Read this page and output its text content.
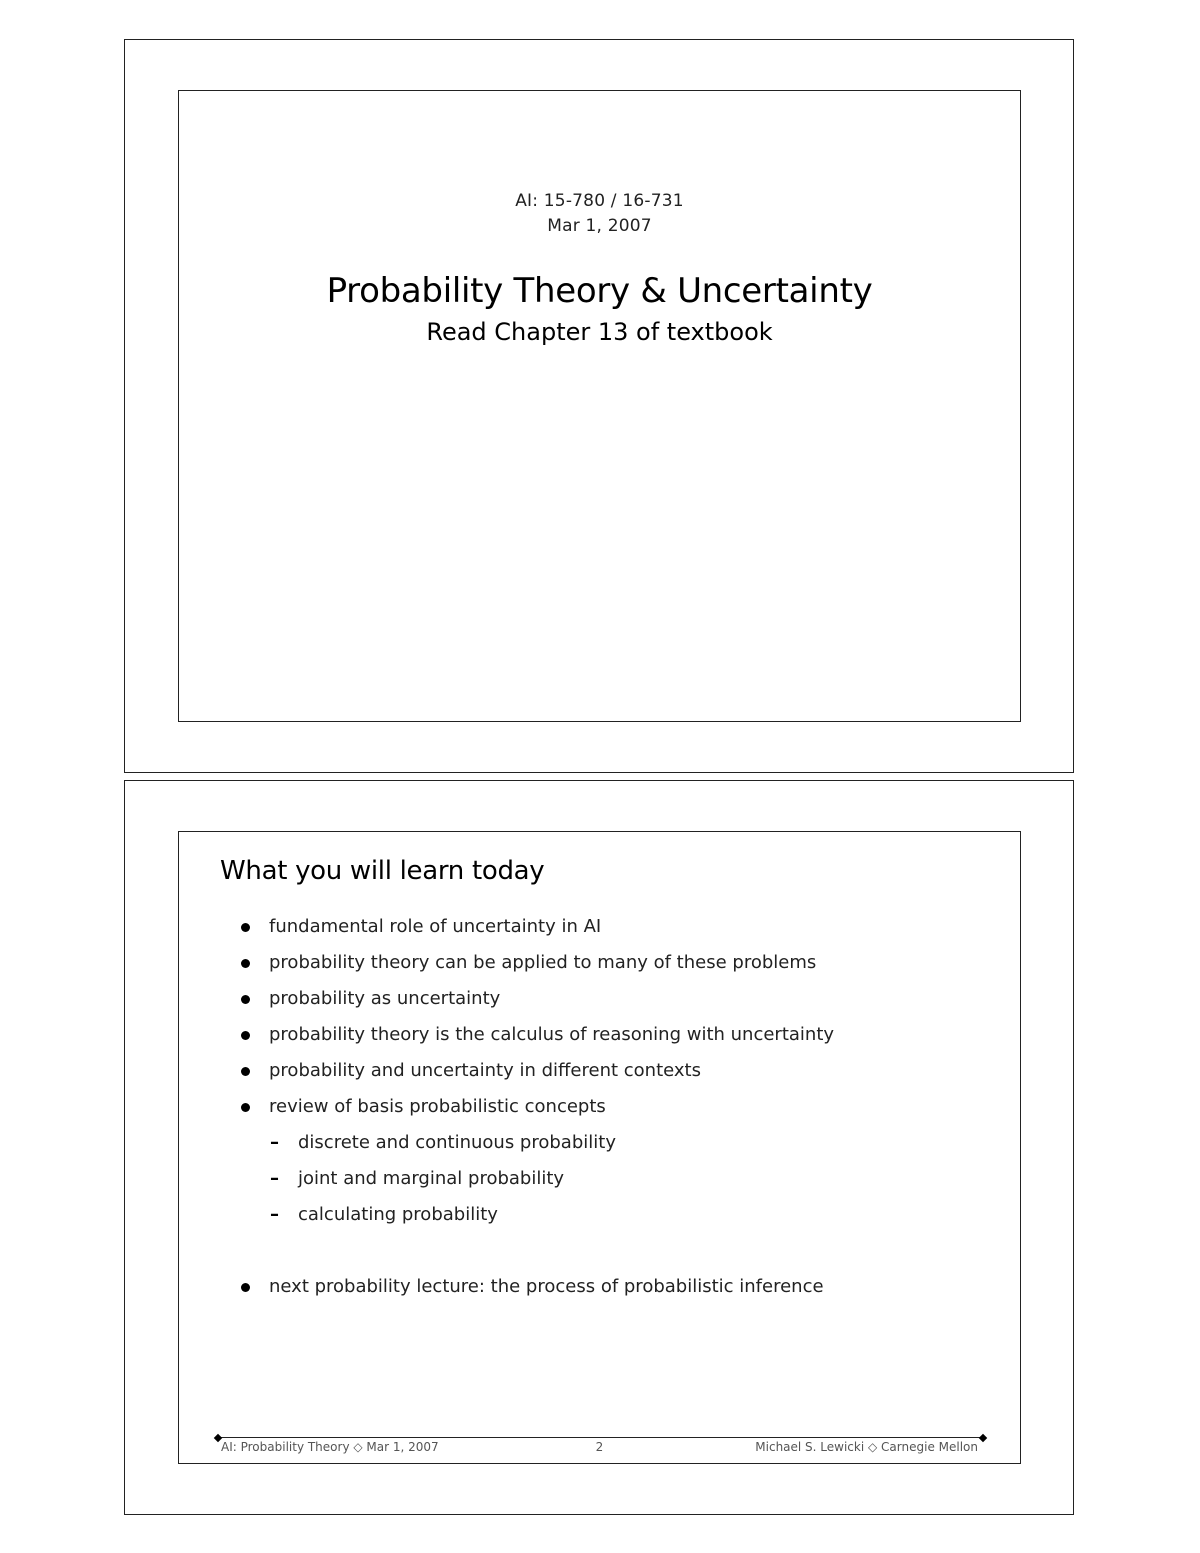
AI: 15-780 / 16-731
Mar 1, 2007
Probability Theory & Uncertainty
Read Chapter 13 of textbook
What you will learn today
fundamental role of uncertainty in AI
probability theory can be applied to many of these problems
probability as uncertainty
probability theory is the calculus of reasoning with uncertainty
probability and uncertainty in different contexts
review of basis probabilistic concepts
– discrete and continuous probability
– joint and marginal probability
– calculating probability
next probability lecture: the process of probabilistic inference
AI: Probability Theory ◇ Mar 1, 2007	2	Michael S. Lewicki ◇ Carnegie Mellon
